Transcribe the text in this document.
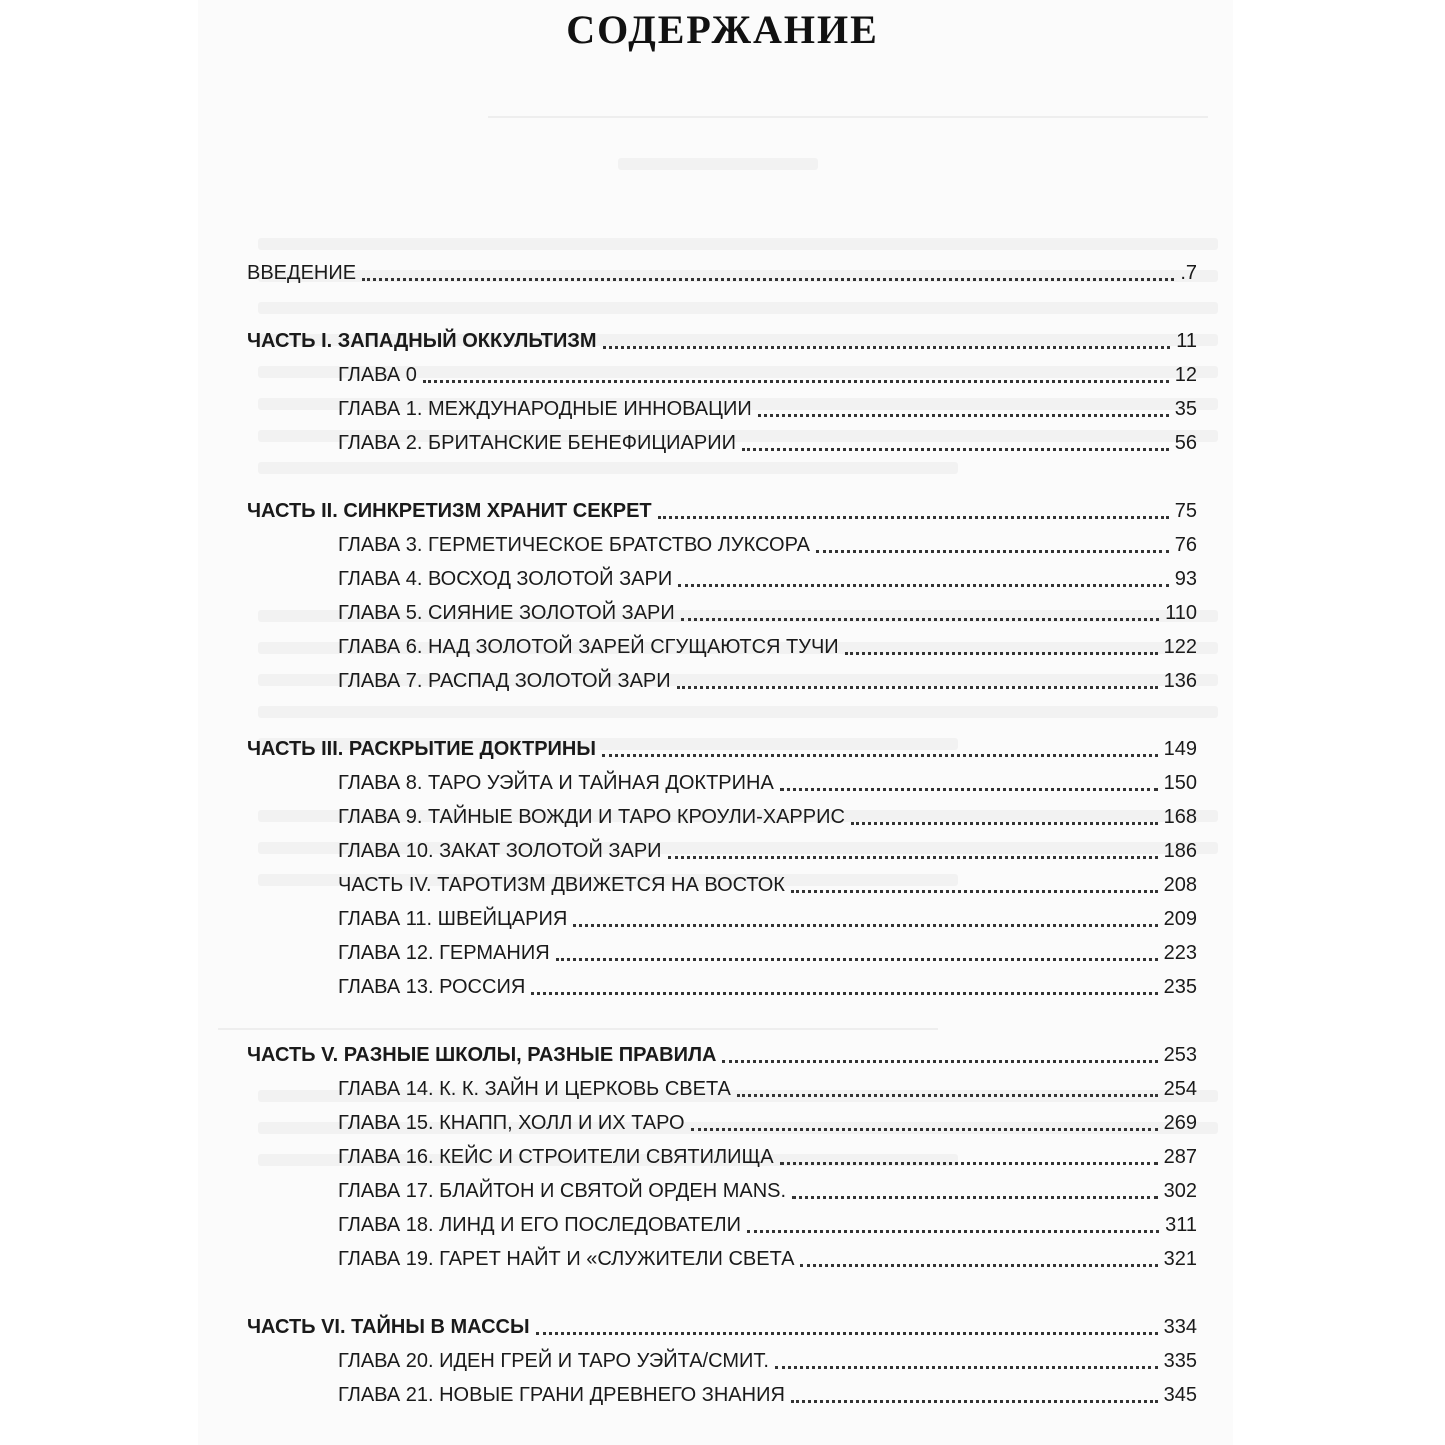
СОДЕРЖАНИЕ
ВВЕДЕНИЕ	.7
ЧАСТЬ I. ЗАПАДНЫЙ ОККУЛЬТИЗМ	11
ГЛАВА 0	12
ГЛАВА 1. МЕЖДУНАРОДНЫЕ ИННОВАЦИИ	35
ГЛАВА 2. БРИТАНСКИЕ БЕНЕФИЦИАРИИ	56
ЧАСТЬ II. СИНКРЕТИЗМ ХРАНИТ СЕКРЕТ	75
ГЛАВА 3. ГЕРМЕТИЧЕСКОЕ БРАТСТВО ЛУКСОРА	76
ГЛАВА 4. ВОСХОД ЗОЛОТОЙ ЗАРИ	93
ГЛАВА 5. СИЯНИЕ ЗОЛОТОЙ ЗАРИ	110
ГЛАВА 6. НАД ЗОЛОТОЙ ЗАРЕЙ СГУЩАЮТСЯ ТУЧИ	122
ГЛАВА 7. РАСПАД ЗОЛОТОЙ ЗАРИ	136
ЧАСТЬ III. РАСКРЫТИЕ ДОКТРИНЫ	149
ГЛАВА 8. ТАРО УЭЙТА И ТАЙНАЯ ДОКТРИНА	150
ГЛАВА 9. ТАЙНЫЕ ВОЖДИ И ТАРО КРОУЛИ-ХАРРИС	168
ГЛАВА 10. ЗАКАТ ЗОЛОТОЙ ЗАРИ	186
ЧАСТЬ IV. ТАРОТИЗМ ДВИЖЕТСЯ НА ВОСТОК	208
ГЛАВА 11. ШВЕЙЦАРИЯ	209
ГЛАВА 12. ГЕРМАНИЯ	223
ГЛАВА 13. РОССИЯ	235
ЧАСТЬ V. РАЗНЫЕ ШКОЛЫ, РАЗНЫЕ ПРАВИЛА	253
ГЛАВА 14. К. К. ЗАЙН И ЦЕРКОВЬ СВЕТА	254
ГЛАВА 15. КНАПП, ХОЛЛ И ИХ ТАРО	269
ГЛАВА 16. КЕЙС И СТРОИТЕЛИ СВЯТИЛИЩА	287
ГЛАВА 17. БЛАЙТОН И СВЯТОЙ ОРДЕН MANS.	302
ГЛАВА 18. ЛИНД И ЕГО ПОСЛЕДОВАТЕЛИ	311
ГЛАВА 19. ГАРЕТ НАЙТ И «СЛУЖИТЕЛИ СВЕТА	321
ЧАСТЬ VI. ТАЙНЫ В МАССЫ	334
ГЛАВА 20. ИДЕН ГРЕЙ И ТАРО УЭЙТА/СМИТ.	335
ГЛАВА 21. НОВЫЕ ГРАНИ ДРЕВНЕГО ЗНАНИЯ	345
